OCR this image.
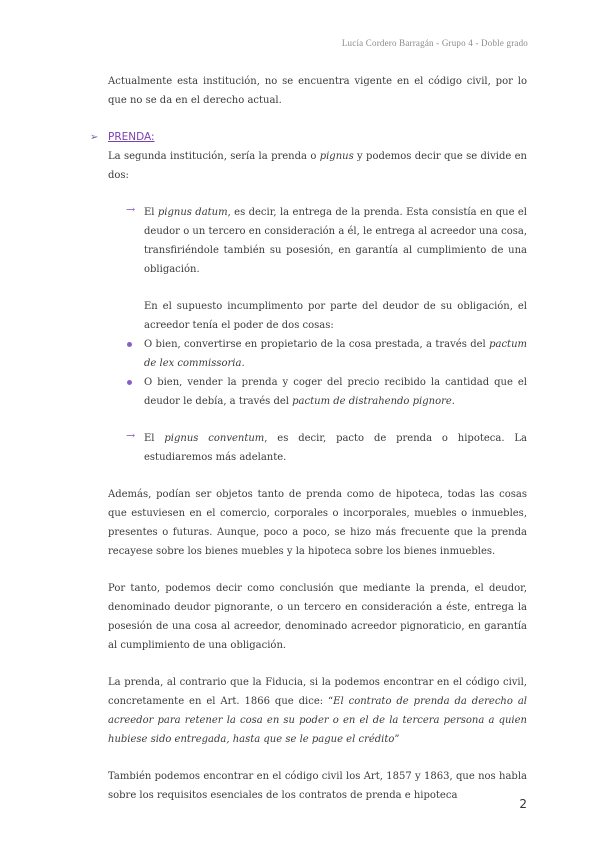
Lucía Cordero Barragán - Grupo 4 - Doble grado

Actualmente esta institución, no se encuentra vigente en el código civil, por lo que no se da en el derecho actual.

➢ PRENDA:

La segunda institución, sería la prenda o pignus y podemos decir que se divide en dos:

→ El pignus datum, es decir, la entrega de la prenda. Esta consistía en que el deudor o un tercero en consideración a él, le entrega al acreedor una cosa, transfiriéndole también su posesión, en garantía al cumplimiento de una obligación.

En el supuesto incumplimento por parte del deudor de su obligación, el acreedor tenía el poder de dos cosas:

O bien, convertirse en propietario de la cosa prestada, a través del pactum de lex commissoria.

O bien, vender la prenda y coger del precio recibido la cantidad que el deudor le debía, a través del pactum de distrahendo pignore.

→ El pignus conventum, es decir, pacto de prenda o hipoteca. La estudiaremos más adelante.

Además, podían ser objetos tanto de prenda como de hipoteca, todas las cosas que estuviesen en el comercio, corporales o incorporales, muebles o inmuebles, presentes o futuras. Aunque, poco a poco, se hizo más frecuente que la prenda recayese sobre los bienes muebles y la hipoteca sobre los bienes inmuebles.

Por tanto, podemos decir como conclusión que mediante la prenda, el deudor, denominado deudor pignorante, o un tercero en consideración a éste, entrega la posesión de una cosa al acreedor, denominado acreedor pignoraticio, en garantía al cumplimiento de una obligación.

La prenda, al contrario que la Fiducia, si la podemos encontrar en el código civil, concretamente en el Art. 1866 que dice: “El contrato de prenda da derecho al acreedor para retener la cosa en su poder o en el de la tercera persona a quien hubiese sido entregada, hasta que se le pague el crédito”

También podemos encontrar en el código civil los Art, 1857 y 1863, que nos habla sobre los requisitos esenciales de los contratos de prenda e hipoteca

2
